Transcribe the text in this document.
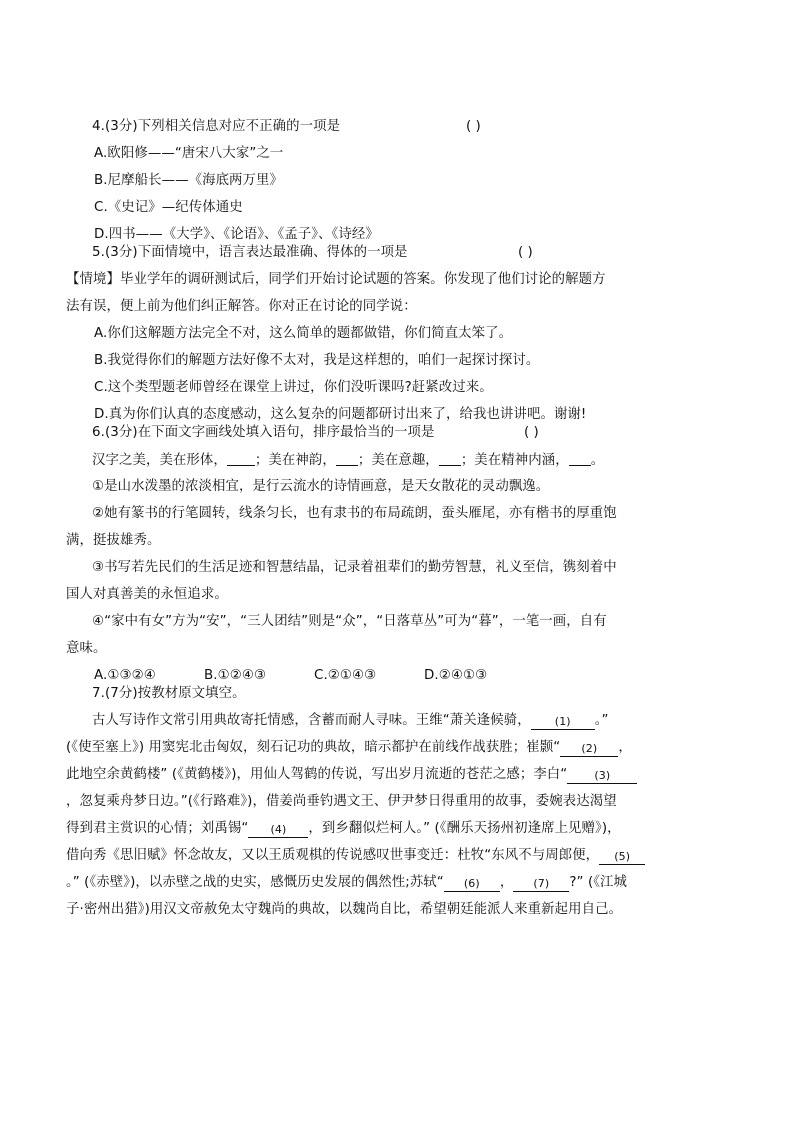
4.(3分)下列相关信息对应不正确的一项是	( )
A.欧阳修——“唐宋八大家”之一
B.尼摩船长——《海底两万里》
C.《史记》—纪传体通史
D.四书——《大学》、《论语》、《孟子》、《诗经》
5.(3分)下面情境中，语言表达最准确、得体的一项是	( )
【情境】毕业学年的调研测试后，同学们开始讨论试题的答案。你发现了他们讨论的解题方
法有误，便上前为他们纠正解答。你对正在讨论的同学说：
A.你们这解题方法完全不对，这么简单的题都做错，你们简直太笨了。
B.我觉得你们的解题方法好像不太对，我是这样想的，咱们一起探讨探讨。
C.这个类型题老师曾经在课堂上讲过，你们没听课吗?赶紧改过来。
D.真为你们认真的态度感动，这么复杂的问题都研讨出来了，给我也讲讲吧。谢谢!
6.(3分)在下面文字画线处填入语句，排序最恰当的一项是	( )
汉字之美，美在形体， ；美在神韵， ；美在意趣， ；美在精神内涵， 。
①是山水泼墨的浓淡相宜，是行云流水的诗情画意，是天女散花的灵动飘逸。
②她有篆书的行笔圆转，线条匀长，也有隶书的布局疏朗，蚕头雁尾，亦有楷书的厚重饱
满，挺拔雄秀。
③书写若先民们的生活足迹和智慧结晶，记录着祖辈们的勤劳智慧，礼义至信，镌刻着中
国人对真善美的永恒追求。
④“家中有女”方为“安”，“三人团结”则是“众”，“日落草丛”可为“暮”，一笔一画，自有
意味。
A.①③②④	B.①②④③	C.②①④③	D.②④①③
7.(7分)按教材原文填空。
古人写诗作文常引用典故寄托情感，含蓄而耐人寻味。王维“萧关逢候骑， (1) 。”
(《使至塞上》) 用窦宪北击匈奴，刻石记功的典故，暗示都护在前线作战获胜；崔颢“ (2) ，
此地空余黄鹤楼” (《黄鹤楼》)，用仙人驾鹤的传说，写出岁月流逝的苍茫之感；李白“ (3)
，忽复乘舟梦日边。”(《行路难》)，借姜尚垂钓遇文王、伊尹梦日得重用的故事，委婉表达渴望
得到君主赏识的心情；刘禹锡“ (4) ，到乡翻似烂柯人。” (《酬乐天扬州初逢席上见赠》)，
借向秀《思旧赋》怀念故友，又以王质观棋的传说感叹世事变迁：杜牧“东风不与周郎便， (5)
。” (《赤壁》)，以赤壁之战的史实，感慨历史发展的偶然性;苏轼“ (6) ， (7) ?” (《江城
子·密州出猎》)用汉文帝赦免太守魏尚的典故，以魏尚自比，希望朝廷能派人来重新起用自己。
